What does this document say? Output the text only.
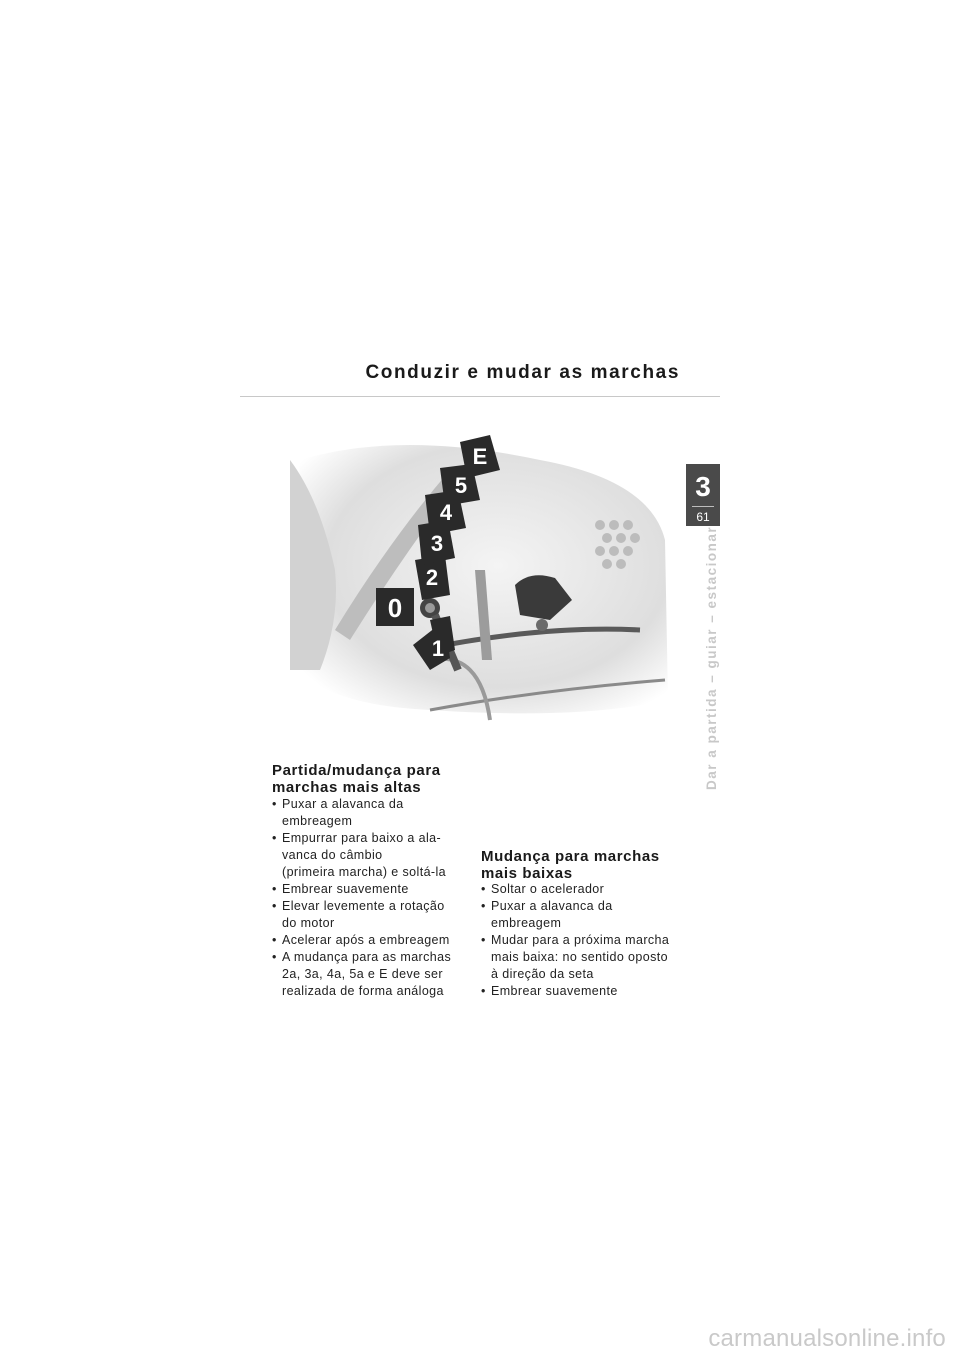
Conduzir e mudar as marchas
3
61
Dar a partida – guiar – estacionar
0
1
2
3
4
5
E
Partida/mudança para
marchas mais altas
• Puxar a alavanca da
embreagem
• Empurrar para baixo a ala-
vanca do câmbio
(primeira marcha) e soltá-la
• Embrear suavemente
• Elevar levemente a rotação
do motor
• Acelerar após a embreagem
• A mudança para as marchas
2a, 3a, 4a, 5a e E deve ser
realizada de forma análoga
Mudança para marchas
mais baixas
• Soltar o acelerador
• Puxar a alavanca da
embreagem
• Mudar para a próxima marcha
mais baixa: no sentido oposto
à direção da seta
• Embrear suavemente
carmanualsonline.info
